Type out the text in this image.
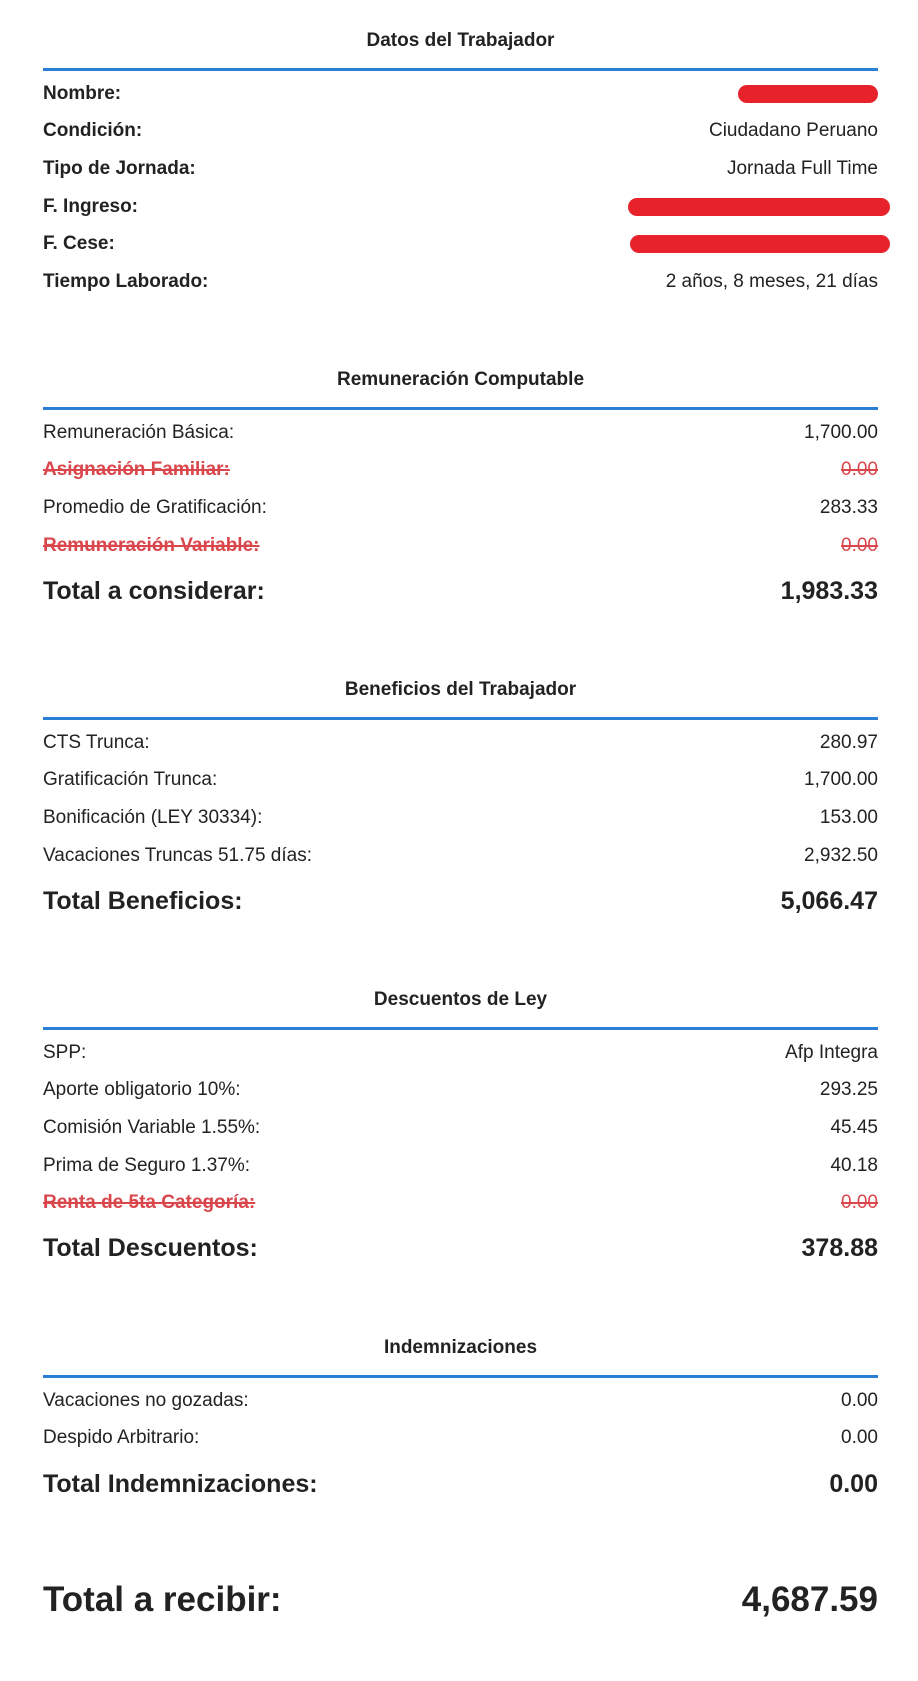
Datos del Trabajador
Nombre:
Condición:	Ciudadano Peruano
Tipo de Jornada:	Jornada Full Time
F. Ingreso:
F. Cese:
Tiempo Laborado:	2 años, 8 meses, 21 días
Remuneración Computable
Remuneración Básica:	1,700.00
Asignación Familiar:	0.00
Promedio de Gratificación:	283.33
Remuneración Variable:	0.00
Total a considerar:	1,983.33
Beneficios del Trabajador
CTS Trunca:	280.97
Gratificación Trunca:	1,700.00
Bonificación (LEY 30334):	153.00
Vacaciones Truncas 51.75 días:	2,932.50
Total Beneficios:	5,066.47
Descuentos de Ley
SPP:	Afp Integra
Aporte obligatorio 10%:	293.25
Comisión Variable 1.55%:	45.45
Prima de Seguro 1.37%:	40.18
Renta de 5ta Categoría:	0.00
Total Descuentos:	378.88
Indemnizaciones
Vacaciones no gozadas:	0.00
Despido Arbitrario:	0.00
Total Indemnizaciones:	0.00
Total a recibir:	4,687.59
